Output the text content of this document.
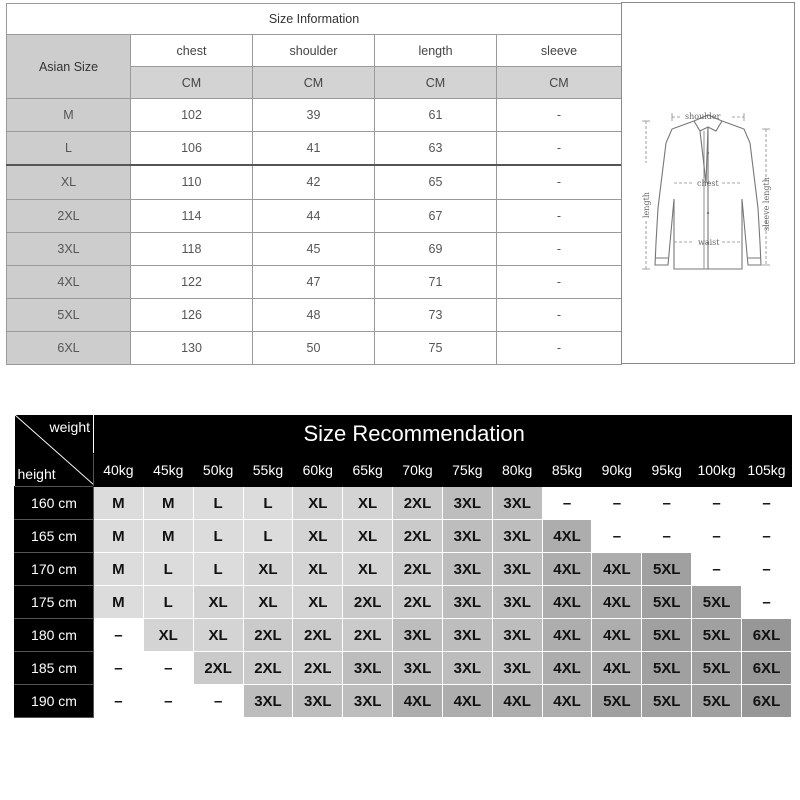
Size Information				
Asian Size	chest	shoulder	length	sleeve
	CM	CM	CM	CM
M	102	39	61	-
L	106	41	63	-
XL	110	42	65	-
2XL	114	44	67	-
3XL	118	45	69	-
4XL	122	47	71	-
5XL	126	48	73	-
6XL	130	50	75	-
shoulder
chest
waist
length	sleeve length
weight
height	Size Recommendation													
	40kg	45kg	50kg	55kg	60kg	65kg	70kg	75kg	80kg	85kg	90kg	95kg	100kg	105kg
160 cm	M	M	L	L	XL	XL	2XL	3XL	3XL	–	–	–	–	–
165 cm	M	M	L	L	XL	XL	2XL	3XL	3XL	4XL	–	–	–	–
170 cm	M	L	L	XL	XL	XL	2XL	3XL	3XL	4XL	4XL	5XL	–	–
175 cm	M	L	XL	XL	XL	2XL	2XL	3XL	3XL	4XL	4XL	5XL	5XL	–
180 cm	–	XL	XL	2XL	2XL	2XL	3XL	3XL	3XL	4XL	4XL	5XL	5XL	6XL
185 cm	–	–	2XL	2XL	2XL	3XL	3XL	3XL	3XL	4XL	4XL	5XL	5XL	6XL
190 cm	–	–	–	3XL	3XL	3XL	4XL	4XL	4XL	4XL	5XL	5XL	5XL	6XL
